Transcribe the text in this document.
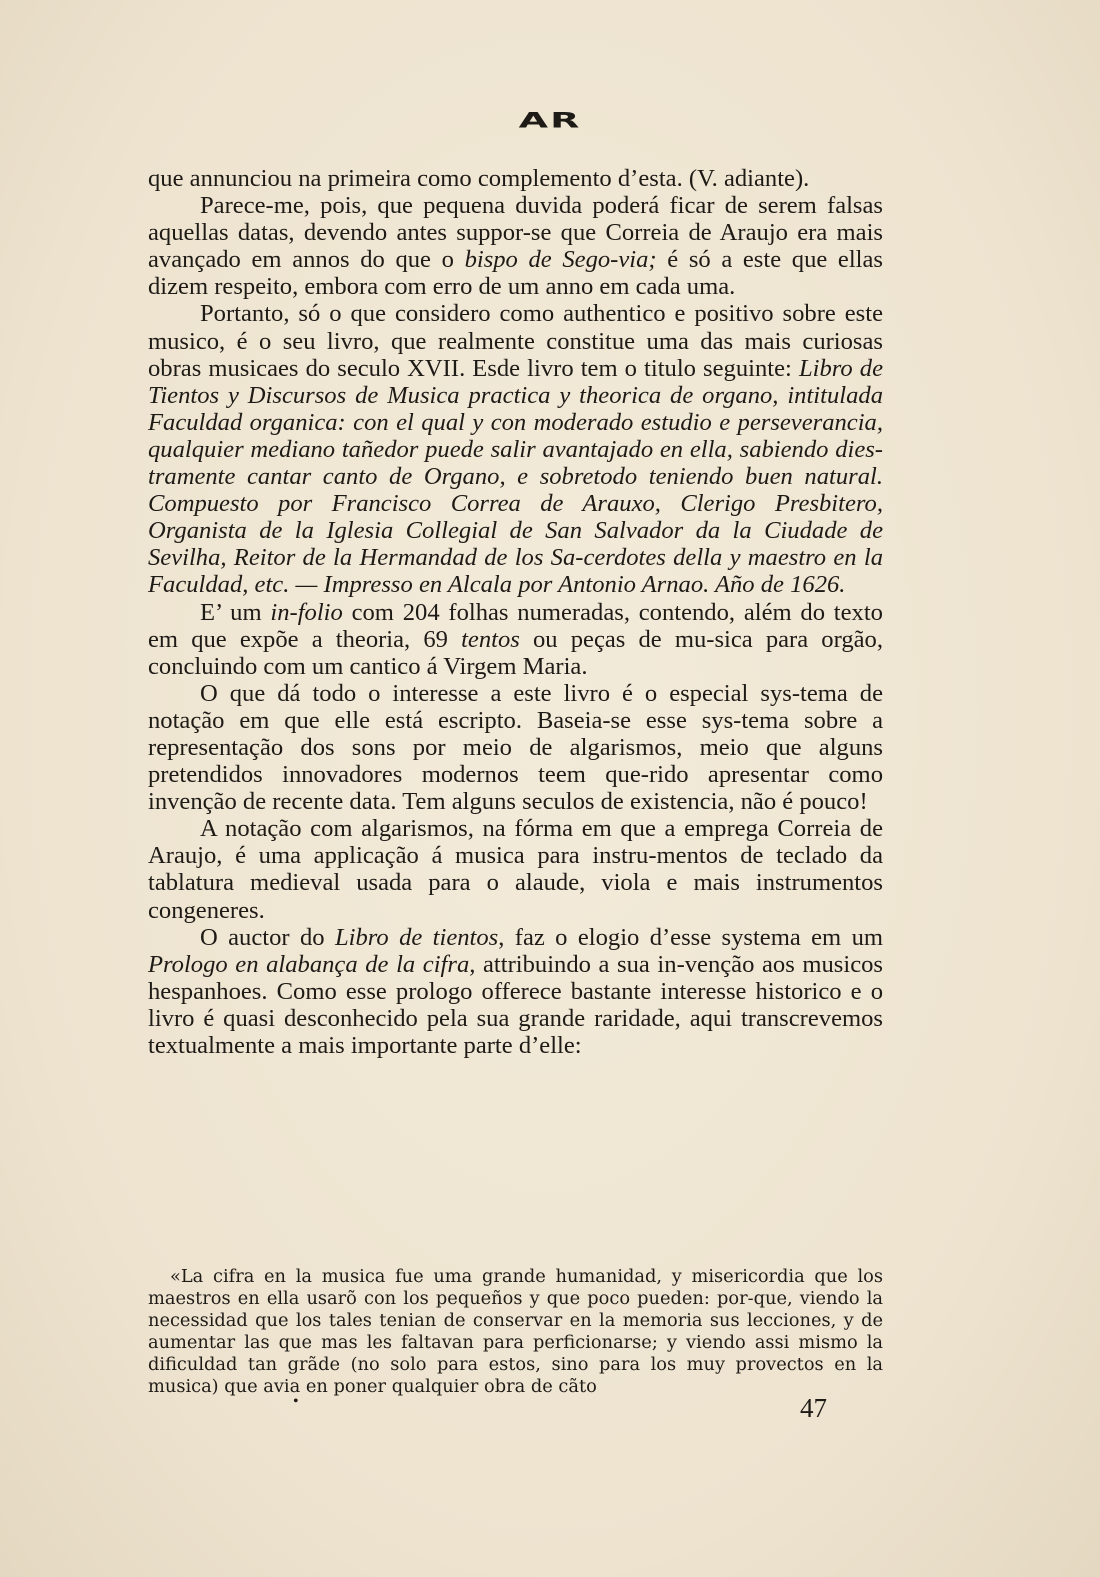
AR

que annunciou na primeira como complemento d’esta. (V. adiante).

Parece-me, pois, que pequena duvida poderá ficar de serem falsas aquellas datas, devendo antes suppor-se que Correia de Araujo era mais avançado em annos do que o bispo de Sego-via; é só a este que ellas dizem respeito, embora com erro de um anno em cada uma.

Portanto, só o que considero como authentico e positivo sobre este musico, é o seu livro, que realmente constitue uma das mais curiosas obras musicaes do seculo XVII. Esde livro tem o titulo seguinte: Libro de Tientos y Discursos de Musica practica y theorica de organo, intitulada Faculdad organica: con el qual y con moderado estudio e perseverancia, qualquier mediano tañedor puede salir avantajado en ella, sabiendo dies-tramente cantar canto de Organo, e sobretodo teniendo buen natural. Compuesto por Francisco Correa de Arauxo, Clerigo Presbitero, Organista de la Iglesia Collegial de San Salvador da la Ciudade de Sevilha, Reitor de la Hermandad de los Sa-cerdotes della y maestro en la Faculdad, etc. — Impresso en Alcala por Antonio Arnao. Año de 1626.

E’ um in-folio com 204 folhas numeradas, contendo, além do texto em que expõe a theoria, 69 tentos ou peças de mu-sica para orgão, concluindo com um cantico á Virgem Maria.

O que dá todo o interesse a este livro é o especial sys-tema de notação em que elle está escripto. Baseia-se esse sys-tema sobre a representação dos sons por meio de algarismos, meio que alguns pretendidos innovadores modernos teem que-rido apresentar como invenção de recente data. Tem alguns seculos de existencia, não é pouco!

A notação com algarismos, na fórma em que a emprega Correia de Araujo, é uma applicação á musica para instru-mentos de teclado da tablatura medieval usada para o alaude, viola e mais instrumentos congeneres.

O auctor do Libro de tientos, faz o elogio d’esse systema em um Prologo en alabança de la cifra, attribuindo a sua in-venção aos musicos hespanhoes. Como esse prologo offerece bastante interesse historico e o livro é quasi desconhecido pela sua grande raridade, aqui transcrevemos textualmente a mais importante parte d’elle:

«La cifra en la musica fue uma grande humanidad, y misericordia que los maestros en ella usarõ con los pequeños y que poco pueden: por-que, viendo la necessidad que los tales tenian de conservar en la memoria sus lecciones, y de aumentar las que mas les faltavan para perficionarse; y viendo assi mismo la dificuldad tan grãde (no solo para estos, sino para los muy provectos en la musica) que avia en poner qualquier obra de cãto

•	47
